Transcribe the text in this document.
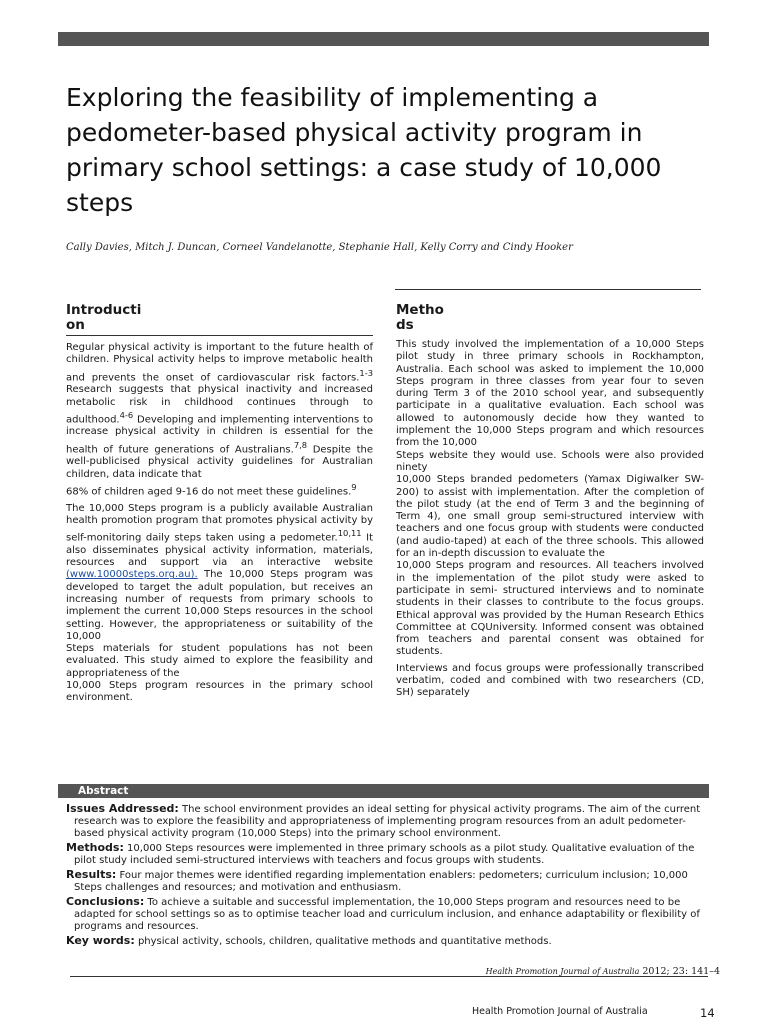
Exploring the feasibility of implementing a pedometer-based physical activity program in primary school settings: a case study of 10,000 steps
Cally Davies, Mitch J. Duncan, Corneel Vandelanotte, Stephanie Hall, Kelly Corry and Cindy Hooker
Introduction

Regular physical activity is important to the future health of children. Physical activity helps to improve metabolic health and prevents the onset of cardiovascular risk factors.$^{1-3}$ Research suggests that physical inactivity and increased metabolic risk in childhood continues through to adulthood.$^{4-6}$ Developing and implementing interventions to increase physical activity in children is essential for the health of future generations of Australians.$^{7,8}$ Despite the well-publicised physical activity guidelines for Australian children, data indicate that
68% of children aged 9-16 do not meet these guidelines.$^9$

The 10,000 Steps program is a publicly available Australian health promotion program that promotes physical activity by self-monitoring daily steps taken using a pedometer.$^{10,11}$ It also disseminates physical activity information, materials, resources and support via an interactive website (www.10000steps.org.au). The 10,000 Steps program was developed to target the adult population, but receives an increasing number of requests from primary schools to implement the current 10,000 Steps resources in the school setting. However, the appropriateness or suitability of the 10,000
Steps materials for student populations has not been evaluated. This study aimed to explore the feasibility and appropriateness of the
10,000 Steps program resources in the primary school environment.

Methods

This study involved the implementation of a 10,000 Steps pilot study in three primary schools in Rockhampton, Australia. Each school was asked to implement the 10,000 Steps program in three classes from year four to seven during Term 3 of the 2010 school year, and subsequently participate in a qualitative evaluation. Each school was allowed to autonomously decide how they wanted to implement the 10,000 Steps program and which resources from the 10,000
Steps website they would use. Schools were also provided ninety
10,000 Steps branded pedometers (Yamax Digiwalker SW-200) to assist with implementation. After the completion of the pilot study (at the end of Term 3 and the beginning of Term 4), one small group semi-structured interview with teachers and one focus group with students were conducted (and audio-taped) at each of the three schools. This allowed for an in-depth discussion to evaluate the
10,000 Steps program and resources. All teachers involved in the implementation of the pilot study were asked to participate in semi- structured interviews and to nominate students in their classes to contribute to the focus groups. Ethical approval was provided by the Human Research Ethics Committee at CQUniversity. Informed consent was obtained from teachers and parental consent was obtained for students.

Interviews and focus groups were professionally transcribed verbatim, coded and combined with two researchers (CD, SH) separately

Abstract

Issues Addressed: The school environment provides an ideal setting for physical activity programs. The aim of the current research was to explore the feasibility and appropriateness of implementing program resources from an adult pedometer-based physical activity program (10,000 Steps) into the primary school environment.

Methods: 10,000 Steps resources were implemented in three primary schools as a pilot study. Qualitative evaluation of the pilot study included semi-structured interviews with teachers and focus groups with students.

Results: Four major themes were identified regarding implementation enablers: pedometers; curriculum inclusion; 10,000 Steps challenges and resources; and motivation and enthusiasm.

Conclusions: To achieve a suitable and successful implementation, the 10,000 Steps program and resources need to be adapted for school settings so as to optimise teacher load and curriculum inclusion, and enhance adaptability or flexibility of programs and resources.

Key words: physical activity, schools, children, qualitative methods and quantitative methods.

Health Promotion Journal of Australia 2012; 23: 141–4
Health Promotion Journal of Australia	14
